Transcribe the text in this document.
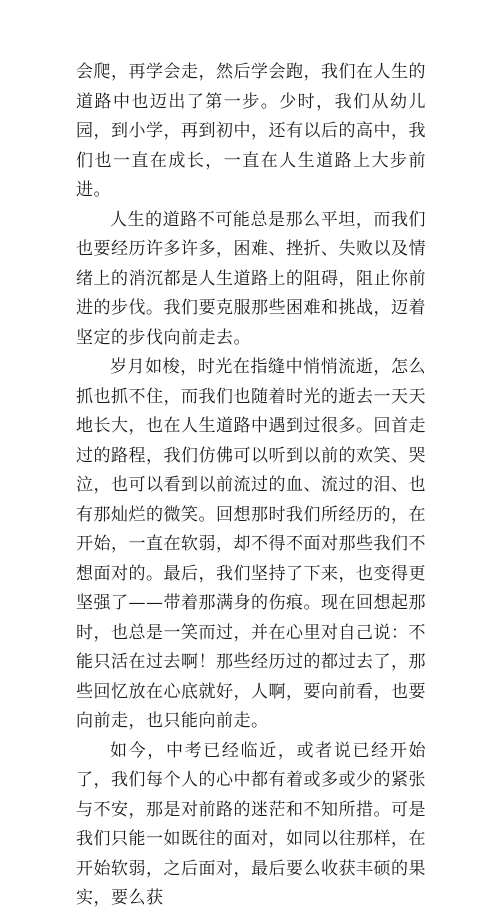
会爬，再学会走，然后学会跑，我们在人生的道路中也迈出了第一步。少时，我们从幼儿园，到小学，再到初中，还有以后的高中，我们也一直在成长，一直在人生道路上大步前进。

人生的道路不可能总是那么平坦，而我们也要经历许多许多，困难、挫折、失败以及情绪上的消沉都是人生道路上的阻碍，阻止你前进的步伐。我们要克服那些困难和挑战，迈着坚定的步伐向前走去。

岁月如梭，时光在指缝中悄悄流逝，怎么抓也抓不住，而我们也随着时光的逝去一天天地长大，也在人生道路中遇到过很多。回首走过的路程，我们仿佛可以听到以前的欢笑、哭泣，也可以看到以前流过的血、流过的泪、也有那灿烂的微笑。回想那时我们所经历的，在开始，一直在软弱，却不得不面对那些我们不想面对的。最后，我们坚持了下来，也变得更坚强了——带着那满身的伤痕。现在回想起那时，也总是一笑而过，并在心里对自己说：不能只活在过去啊！那些经历过的都过去了，那些回忆放在心底就好，人啊，要向前看，也要向前走，也只能向前走。

如今，中考已经临近，或者说已经开始了，我们每个人的心中都有着或多或少的紧张与不安，那是对前路的迷茫和不知所措。可是我们只能一如既往的面对，如同以往那样，在开始软弱，之后面对，最后要么收获丰硕的果实，要么获
